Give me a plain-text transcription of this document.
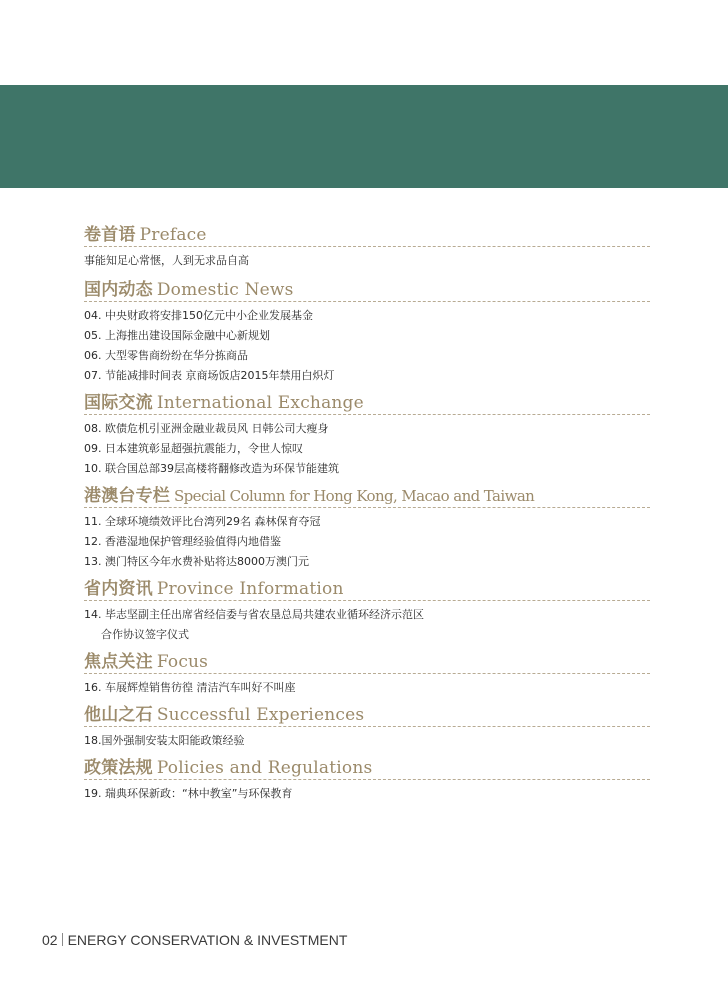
卷首语 Preface
事能知足心常惬，人到无求品自高
国内动态 Domestic News
04. 中央财政将安排150亿元中小企业发展基金
05. 上海推出建设国际金融中心新规划
06. 大型零售商纷纷在华分拣商品
07. 节能减排时间表 京商场饭店2015年禁用白炽灯
国际交流 International Exchange
08. 欧债危机引亚洲金融业裁员风 日韩公司大瘦身
09. 日本建筑彰显超强抗震能力，令世人惊叹
10. 联合国总部39层高楼将翻修改造为环保节能建筑
港澳台专栏 Special Column for Hong Kong, Macao and Taiwan
11. 全球环境绩效评比台湾列29名 森林保育夺冠
12. 香港湿地保护管理经验值得内地借鉴
13. 澳门特区今年水费补贴将达8000万澳门元
省内资讯 Province Information
14. 毕志坚副主任出席省经信委与省农垦总局共建农业循环经济示范区
合作协议签字仪式
焦点关注 Focus
16. 车展辉煌销售彷徨 清洁汽车叫好不叫座
他山之石 Successful Experiences
18.国外强制安装太阳能政策经验
政策法规 Policies and Regulations
19. 瑞典环保新政：“林中教室”与环保教育
02 ENERGY CONSERVATION & INVESTMENT
